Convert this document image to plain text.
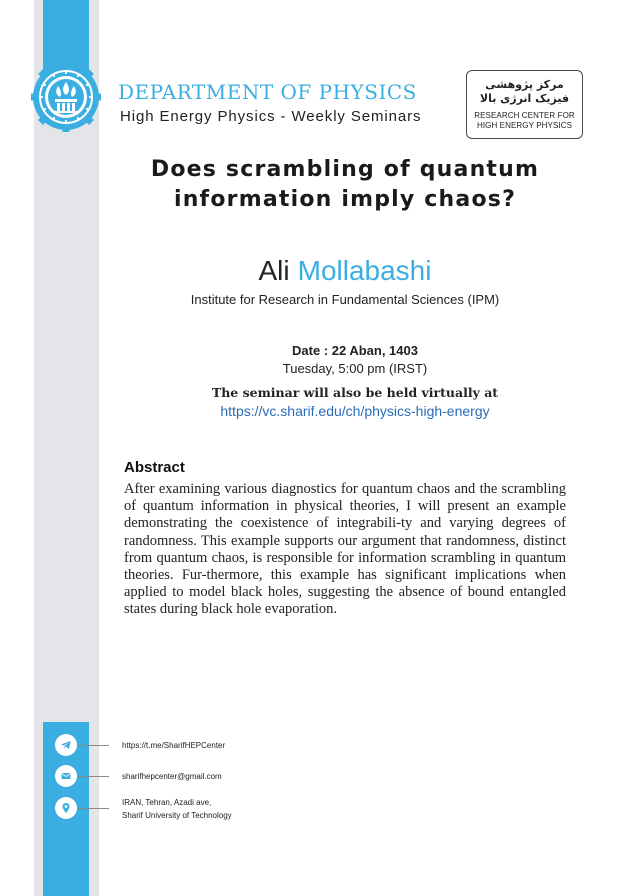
DEPARTMENT OF PHYSICS
High Energy Physics - Weekly Seminars
مرکز پژوهشی
فیزیک انرژی بالا
RESEARCH CENTER FOR
HIGH ENERGY PHYSICS
Does scrambling of quantum
information imply chaos?
Ali Mollabashi
Institute for Research in Fundamental Sciences (IPM)
Date : 22 Aban, 1403
Tuesday, 5:00 pm (IRST)
The seminar will also be held virtually at
https://vc.sharif.edu/ch/physics-high-energy
Abstract
After examining various diagnostics for quantum chaos and the scrambling of quantum information in physical theories, I will present an example demonstrating the coexistence of integrabili-ty and varying degrees of randomness. This example supports our argument that randomness, distinct from quantum chaos, is responsible for information scrambling in quantum theories. Fur-thermore, this example has significant implications when applied to model black holes, suggesting the absence of bound entangled states during black hole evaporation.
https://t.me/SharifHEPCenter
sharifhepcenter@gmail.com
IRAN, Tehran, Azadi ave,
Sharif University of Technology
